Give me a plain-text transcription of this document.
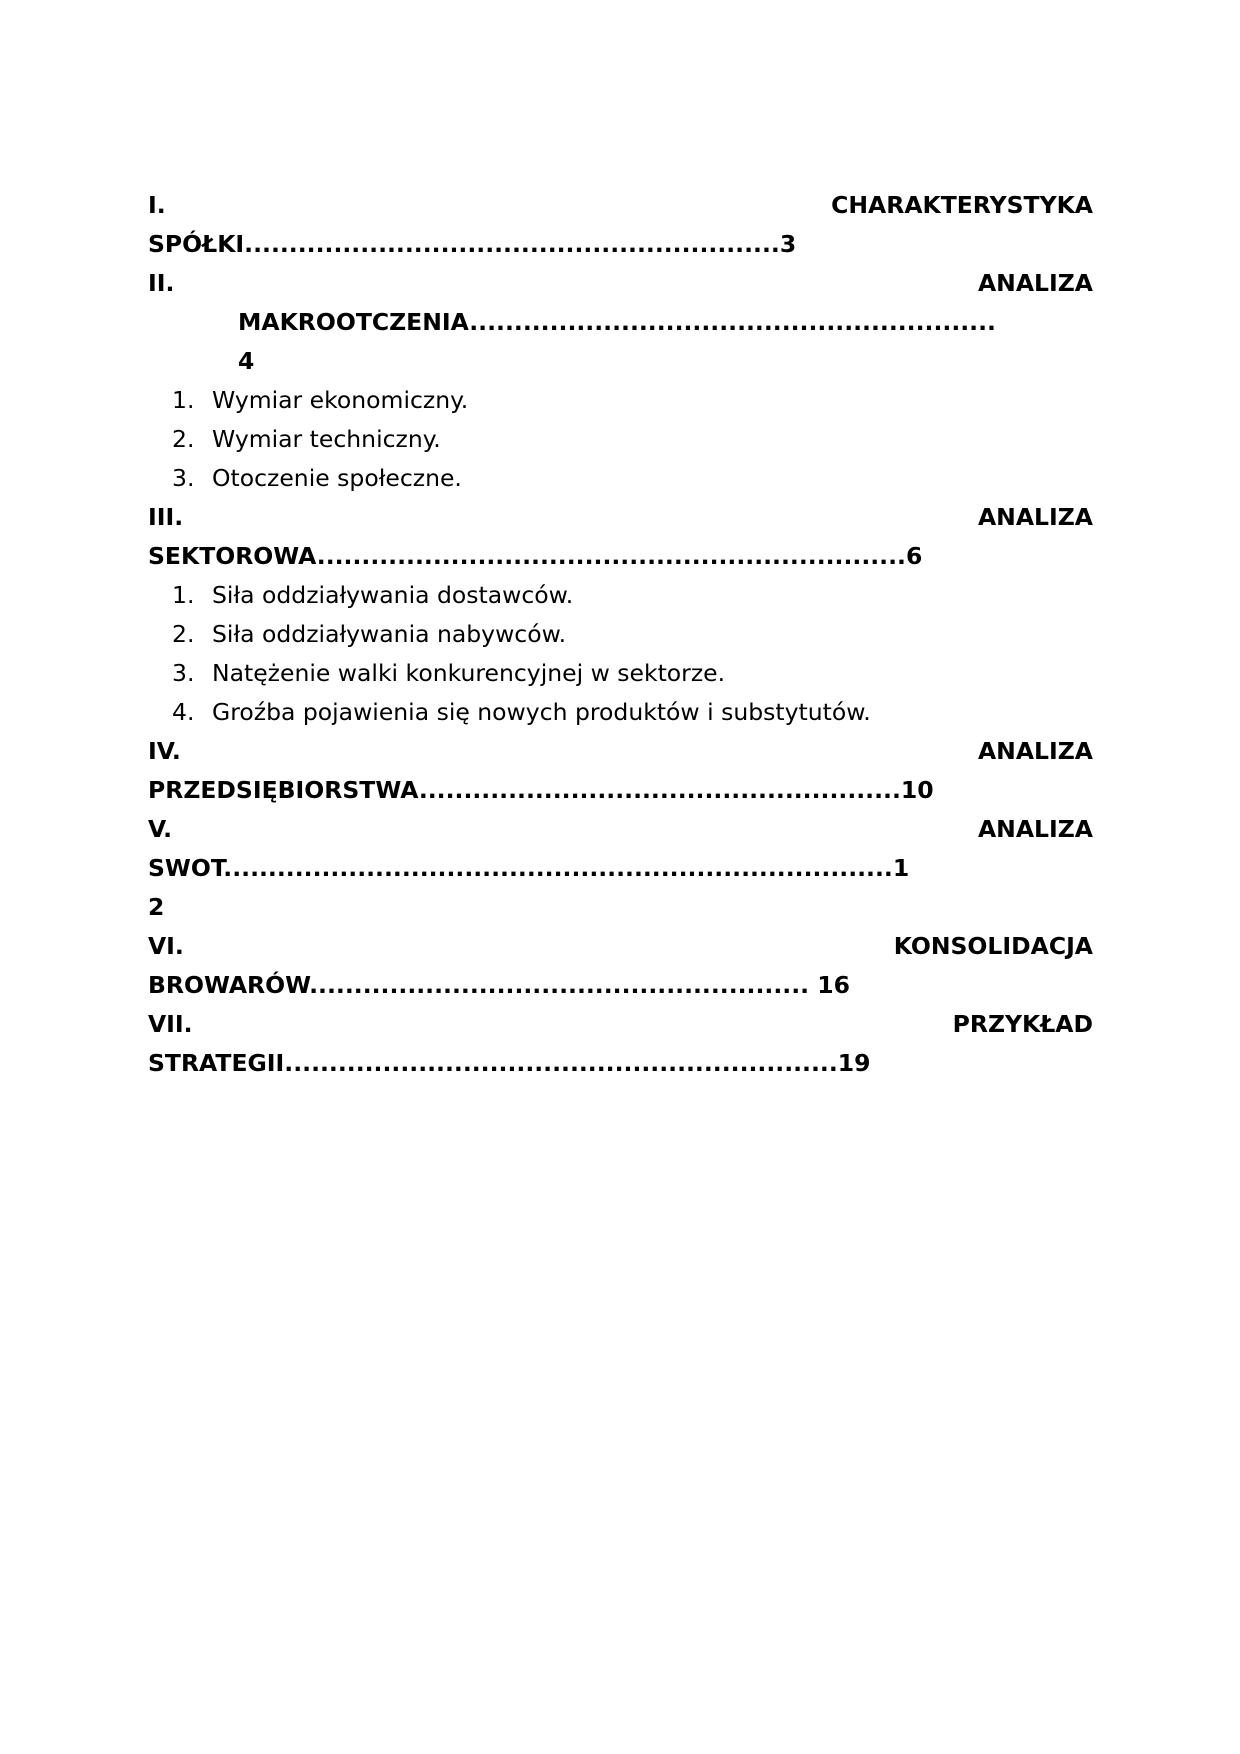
I.	CHARAKTERYSTYKA
SPÓŁKI............................................................3
II.	ANALIZA
MAKROOTCZENIA...........................................................
4
1. Wymiar ekonomiczny.
2. Wymiar techniczny.
3. Otoczenie społeczne.
III.	ANALIZA
SEKTOROWA..................................................................6
1. Siła oddziaływania dostawców.
2. Siła oddziaływania nabywców.
3. Natężenie walki konkurencyjnej w sektorze.
4. Groźba pojawienia się nowych produktów i substytutów.
IV.	ANALIZA
PRZEDSIĘBIORSTWA......................................................10
V.	ANALIZA
SWOT...........................................................................1
2
VI.	KONSOLIDACJA
BROWARÓW........................................................ 16
VII.	PRZYKŁAD
STRATEGII..............................................................19
